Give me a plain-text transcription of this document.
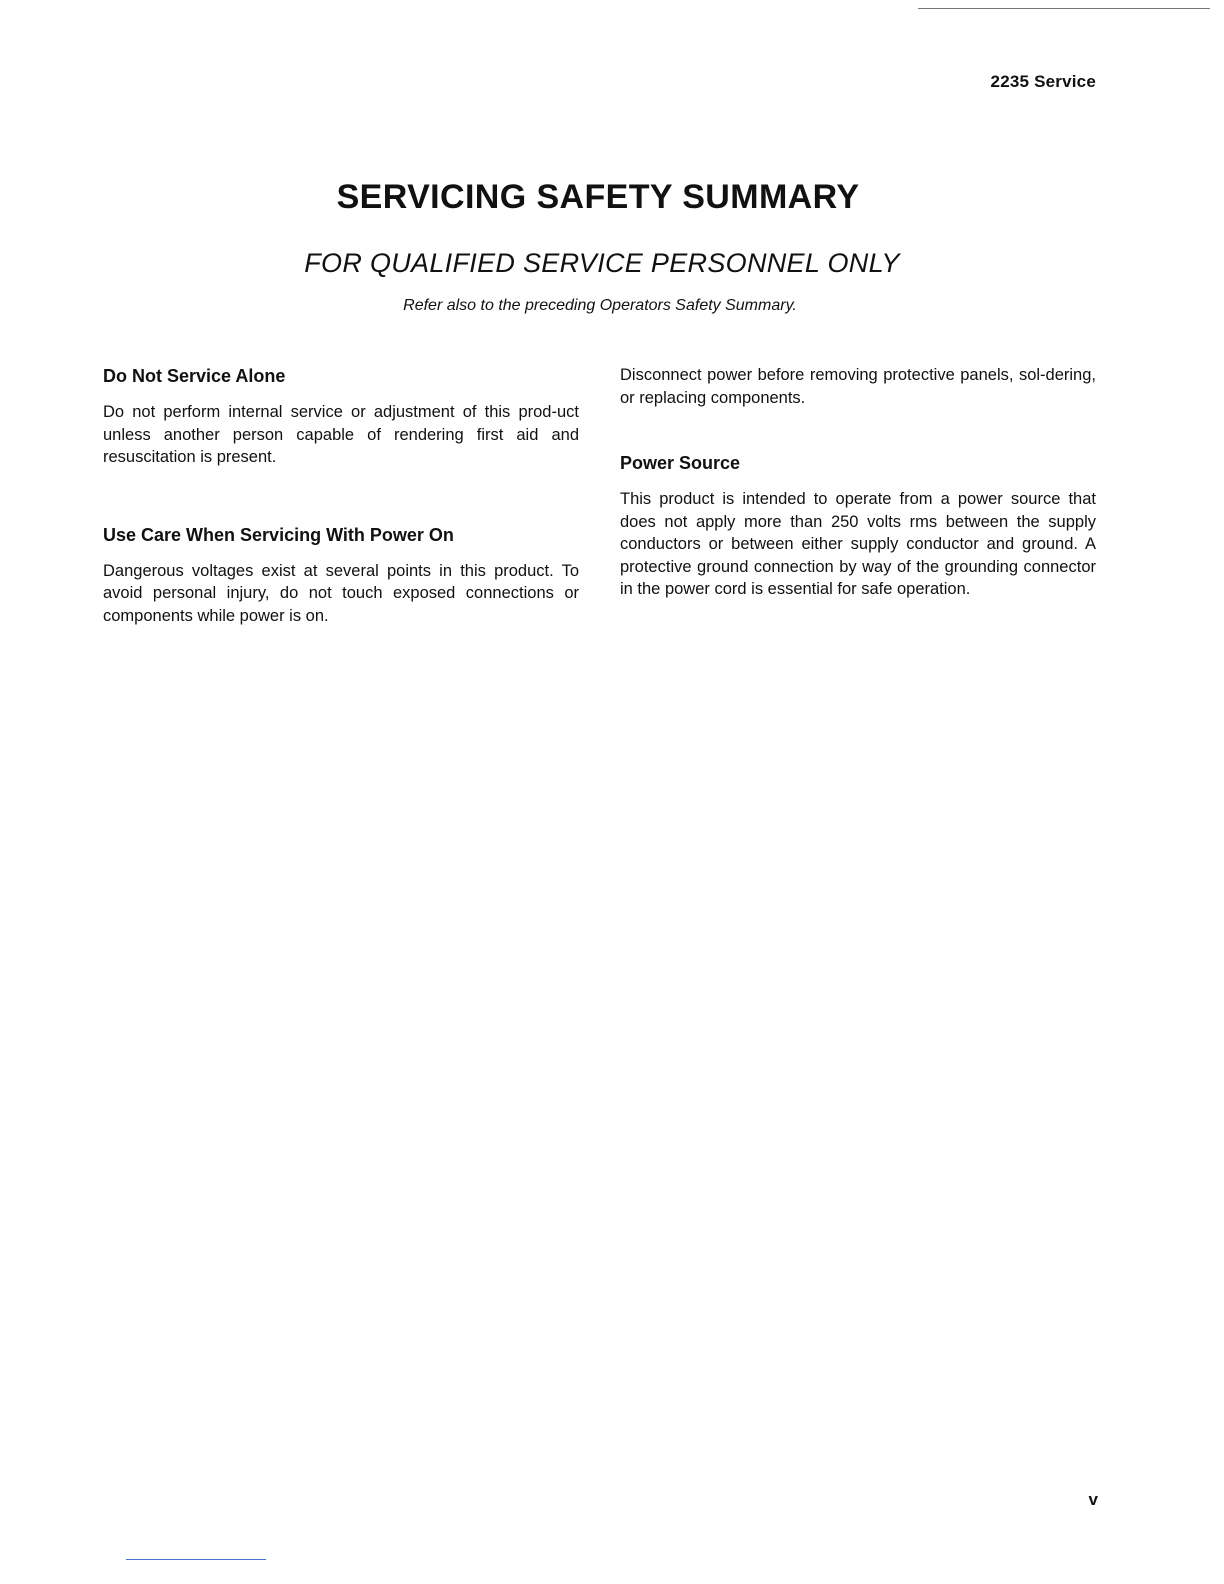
2235 Service
SERVICING SAFETY SUMMARY
FOR QUALIFIED SERVICE PERSONNEL ONLY
Refer also to the preceding Operators Safety Summary.
Do Not Service Alone

Do not perform internal service or adjustment of this prod-uct unless another person capable of rendering first aid and resuscitation is present.

Use Care When Servicing With Power On

Dangerous voltages exist at several points in this product. To avoid personal injury, do not touch exposed connections or components while power is on.

Disconnect power before removing protective panels, sol-dering, or replacing components.

Power Source

This product is intended to operate from a power source that does not apply more than 250 volts rms between the supply conductors or between either supply conductor and ground. A protective ground connection by way of the grounding connector in the power cord is essential for safe operation.

v
